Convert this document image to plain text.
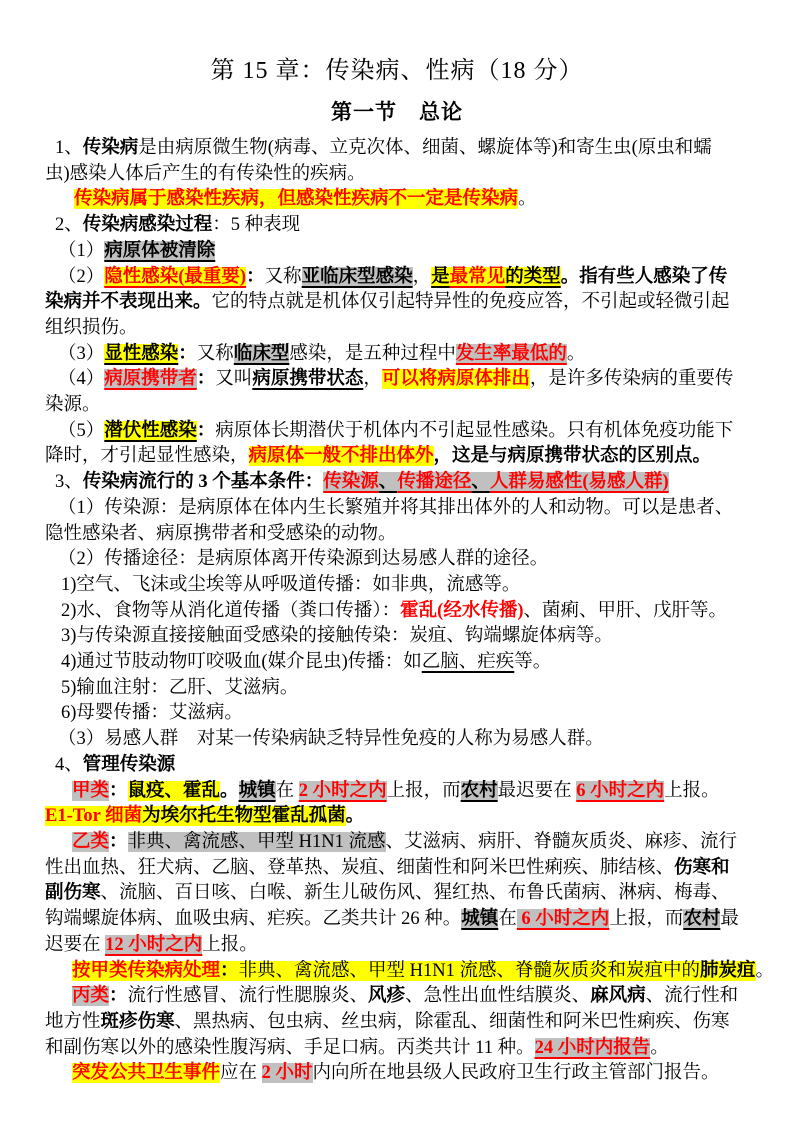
第 15 章：传染病、性病（18 分）
第一节　总论
1、传染病是由病原微生物(病毒、立克次体、细菌、螺旋体等)和寄生虫(原虫和蠕
虫)感染人体后产生的有传染性的疾病。
传染病属于感染性疾病，但感染性疾病不一定是传染病。
2、传染病感染过程：5 种表现
（1）病原体被清除
（2）隐性感染(最重要)：又称亚临床型感染，是最常见的类型。指有些人感染了传
染病并不表现出来。它的特点就是机体仅引起特异性的免疫应答，不引起或轻微引起
组织损伤。
（3）显性感染：又称临床型感染，是五种过程中发生率最低的。
（4）病原携带者：又叫病原携带状态，可以将病原体排出，是许多传染病的重要传
染源。
（5）潜伏性感染：病原体长期潜伏于机体内不引起显性感染。只有机体免疫功能下
降时，才引起显性感染，病原体一般不排出体外，这是与病原携带状态的区别点。
3、传染病流行的 3 个基本条件：传染源、传播途径、人群易感性(易感人群)
（1）传染源：是病原体在体内生长繁殖并将其排出体外的人和动物。可以是患者、
隐性感染者、病原携带者和受感染的动物。
（2）传播途径：是病原体离开传染源到达易感人群的途径。
1)空气、飞沫或尘埃等从呼吸道传播：如非典，流感等。
2)水、食物等从消化道传播（粪口传播）：霍乱(经水传播)、菌痢、甲肝、戊肝等。
3)与传染源直接接触面受感染的接触传染：炭疽、钩端螺旋体病等。
4)通过节肢动物叮咬吸血(媒介昆虫)传播：如乙脑、疟疾等。
5)输血注射：乙肝、艾滋病。
6)母婴传播：艾滋病。
（3）易感人群　对某一传染病缺乏特异性免疫的人称为易感人群。
4、管理传染源
甲类：鼠疫、霍乱。城镇在 2 小时之内上报，而农村最迟要在 6 小时之内上报。
E1-Tor 细菌为埃尔托生物型霍乱孤菌。
乙类：非典、禽流感、甲型 H1N1 流感、艾滋病、病肝、脊髓灰质炎、麻疹、流行
性出血热、狂犬病、乙脑、登革热、炭疽、细菌性和阿米巴性痢疾、肺结核、伤寒和
副伤寒、流脑、百日咳、白喉、新生儿破伤风、猩红热、布鲁氏菌病、淋病、梅毒、
钩端螺旋体病、血吸虫病、疟疾。乙类共计 26 种。城镇在 6 小时之内上报，而农村最
迟要在 12 小时之内上报。
按甲类传染病处理：非典、禽流感、甲型 H1N1 流感、脊髓灰质炎和炭疽中的肺炭疽。
丙类：流行性感冒、流行性腮腺炎、风疹、急性出血性结膜炎、麻风病、流行性和
地方性斑疹伤寒、黑热病、包虫病、丝虫病，除霍乱、细菌性和阿米巴性痢疾、伤寒
和副伤寒以外的感染性腹泻病、手足口病。丙类共计 11 种。24 小时内报告。
突发公共卫生事件应在 2 小时内向所在地县级人民政府卫生行政主管部门报告。
